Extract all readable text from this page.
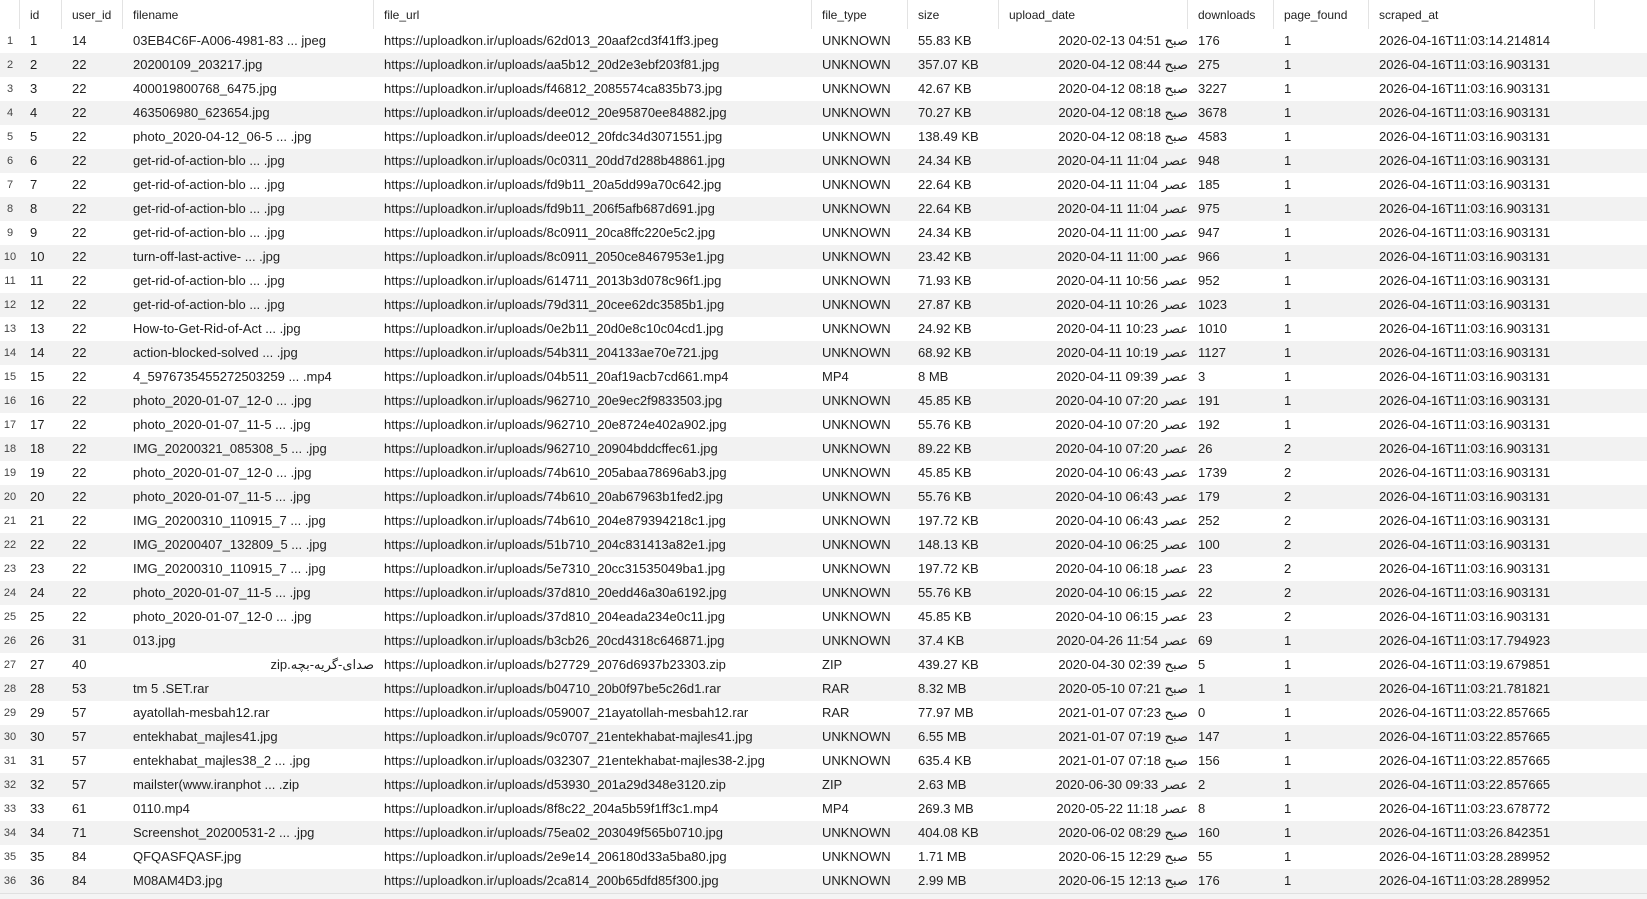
id	user_id	filename	file_url	file_type	size	upload_date	downloads	page_found	scraped_at
1	1	14	03EB4C6F-A006-4981-83 ... jpeg	https://uploadkon.ir/uploads/62d013_20aaf2cd3f41ff3.jpeg	UNKNOWN	55.83 KB	صبح 04:51 13-02-2020 176	1	2026-04-16T11:03:14.214814
2	2	22	20200109_203217.jpg	https://uploadkon.ir/uploads/aa5b12_20d2e3ebf203f81.jpg	UNKNOWN	357.07 KB	صبح 08:44 12-04-2020 275	1	2026-04-16T11:03:16.903131
3	3	22	400019800768_6475.jpg	https://uploadkon.ir/uploads/f46812_2085574ca835b73.jpg	UNKNOWN	42.67 KB	صبح 08:18 12-04-2020 3227	1	2026-04-16T11:03:16.903131
4	4	22	463506980_623654.jpg	https://uploadkon.ir/uploads/dee012_20e95870ee84882.jpg	UNKNOWN	70.27 KB	صبح 08:18 12-04-2020 3678	1	2026-04-16T11:03:16.903131
5	5	22	photo_2020-04-12_06-5 ... .jpg	https://uploadkon.ir/uploads/dee012_20fdc34d3071551.jpg	UNKNOWN	138.49 KB	صبح 08:18 12-04-2020 4583	1	2026-04-16T11:03:16.903131
6	6	22	get-rid-of-action-blo ... .jpg	https://uploadkon.ir/uploads/0c0311_20dd7d288b48861.jpg	UNKNOWN	24.34 KB	عصر 11:04 11-04-2020 948	1	2026-04-16T11:03:16.903131
7	7	22	get-rid-of-action-blo ... .jpg	https://uploadkon.ir/uploads/fd9b11_20a5dd99a70c642.jpg	UNKNOWN	22.64 KB	عصر 11:04 11-04-2020 185	1	2026-04-16T11:03:16.903131
8	8	22	get-rid-of-action-blo ... .jpg	https://uploadkon.ir/uploads/fd9b11_206f5afb687d691.jpg	UNKNOWN	22.64 KB	عصر 11:04 11-04-2020 975	1	2026-04-16T11:03:16.903131
9	9	22	get-rid-of-action-blo ... .jpg	https://uploadkon.ir/uploads/8c0911_20ca8ffc220e5c2.jpg	UNKNOWN	24.34 KB	عصر 11:00 11-04-2020 947	1	2026-04-16T11:03:16.903131
10	10	22	turn-off-last-active- ... .jpg	https://uploadkon.ir/uploads/8c0911_2050ce8467953e1.jpg	UNKNOWN	23.42 KB	عصر 11:00 11-04-2020 966	1	2026-04-16T11:03:16.903131
11	11	22	get-rid-of-action-blo ... .jpg	https://uploadkon.ir/uploads/614711_2013b3d078c96f1.jpg	UNKNOWN	71.93 KB	عصر 10:56 11-04-2020 952	1	2026-04-16T11:03:16.903131
12	12	22	get-rid-of-action-blo ... .jpg	https://uploadkon.ir/uploads/79d311_20cee62dc3585b1.jpg	UNKNOWN	27.87 KB	عصر 10:26 11-04-2020 1023	1	2026-04-16T11:03:16.903131
13	13	22	How-to-Get-Rid-of-Act ... .jpg	https://uploadkon.ir/uploads/0e2b11_20d0e8c10c04cd1.jpg	UNKNOWN	24.92 KB	عصر 10:23 11-04-2020 1010	1	2026-04-16T11:03:16.903131
14	14	22	action-blocked-solved ... .jpg	https://uploadkon.ir/uploads/54b311_204133ae70e721.jpg	UNKNOWN	68.92 KB	عصر 10:19 11-04-2020 1127	1	2026-04-16T11:03:16.903131
15	15	22	4_5976735455272503259 ... .mp4	https://uploadkon.ir/uploads/04b511_20af19acb7cd661.mp4	MP4	8 MB	عصر 09:39 11-04-2020 3	1	2026-04-16T11:03:16.903131
16	16	22	photo_2020-01-07_12-0 ... .jpg	https://uploadkon.ir/uploads/962710_20e9ec2f9833503.jpg	UNKNOWN	45.85 KB	عصر 07:20 10-04-2020 191	1	2026-04-16T11:03:16.903131
17	17	22	photo_2020-01-07_11-5 ... .jpg	https://uploadkon.ir/uploads/962710_20e8724e402a902.jpg	UNKNOWN	55.76 KB	عصر 07:20 10-04-2020 192	1	2026-04-16T11:03:16.903131
18	18	22	IMG_20200321_085308_5 ... .jpg	https://uploadkon.ir/uploads/962710_20904bddcffec61.jpg	UNKNOWN	89.22 KB	عصر 07:20 10-04-2020 26	2	2026-04-16T11:03:16.903131
19	19	22	photo_2020-01-07_12-0 ... .jpg	https://uploadkon.ir/uploads/74b610_205abaa78696ab3.jpg	UNKNOWN	45.85 KB	عصر 06:43 10-04-2020 1739	2	2026-04-16T11:03:16.903131
20	20	22	photo_2020-01-07_11-5 ... .jpg	https://uploadkon.ir/uploads/74b610_20ab67963b1fed2.jpg	UNKNOWN	55.76 KB	عصر 06:43 10-04-2020 179	2	2026-04-16T11:03:16.903131
21	21	22	IMG_20200310_110915_7 ... .jpg	https://uploadkon.ir/uploads/74b610_204e879394218c1.jpg	UNKNOWN	197.72 KB	عصر 06:43 10-04-2020 252	2	2026-04-16T11:03:16.903131
22	22	22	IMG_20200407_132809_5 ... .jpg	https://uploadkon.ir/uploads/51b710_204c831413a82e1.jpg	UNKNOWN	148.13 KB	عصر 06:25 10-04-2020 100	2	2026-04-16T11:03:16.903131
23	23	22	IMG_20200310_110915_7 ... .jpg	https://uploadkon.ir/uploads/5e7310_20cc31535049ba1.jpg	UNKNOWN	197.72 KB	عصر 06:18 10-04-2020 23	2	2026-04-16T11:03:16.903131
24	24	22	photo_2020-01-07_11-5 ... .jpg	https://uploadkon.ir/uploads/37d810_20edd46a30a6192.jpg	UNKNOWN	55.76 KB	عصر 06:15 10-04-2020 22	2	2026-04-16T11:03:16.903131
25	25	22	photo_2020-01-07_12-0 ... .jpg	https://uploadkon.ir/uploads/37d810_204eada234e0c11.jpg	UNKNOWN	45.85 KB	عصر 06:15 10-04-2020 23	2	2026-04-16T11:03:16.903131
26	26	31	013.jpg	https://uploadkon.ir/uploads/b3cb26_20cd4318c646871.jpg	UNKNOWN	37.4 KB	عصر 11:54 26-04-2020 69	1	2026-04-16T11:03:17.794923
27	27	40	صدای-گریه-بچه.zip https://uploadkon.ir/uploads/b27729_2076d6937b23303.zip	ZIP	439.27 KB	صبح 02:39 30-04-2020 5	1	2026-04-16T11:03:19.679851
28	28	53	tm 5 .SET.rar	https://uploadkon.ir/uploads/b04710_20b0f97be5c26d1.rar	RAR	8.32 MB	صبح 07:21 10-05-2020 1	1	2026-04-16T11:03:21.781821
29	29	57	ayatollah-mesbah12.rar	https://uploadkon.ir/uploads/059007_21ayatollah-mesbah12.rar	RAR	77.97 MB	صبح 07:23 07-01-2021 0	1	2026-04-16T11:03:22.857665
30	30	57	entekhabat_majles41.jpg	https://uploadkon.ir/uploads/9c0707_21entekhabat-majles41.jpg	UNKNOWN	6.55 MB	صبح 07:19 07-01-2021 147	1	2026-04-16T11:03:22.857665
31	31	57	entekhabat_majles38_2 ... .jpg	https://uploadkon.ir/uploads/032307_21entekhabat-majles38-2.jpg	UNKNOWN	635.4 KB	صبح 07:18 07-01-2021 156	1	2026-04-16T11:03:22.857665
32	32	57	mailster(www.iranphot ... .zip	https://uploadkon.ir/uploads/d53930_201a29d348e3120.zip	ZIP	2.63 MB	عصر 09:33 30-06-2020 2	1	2026-04-16T11:03:22.857665
33	33	61	0110.mp4	https://uploadkon.ir/uploads/8f8c22_204a5b59f1ff3c1.mp4	MP4	269.3 MB	عصر 11:18 22-05-2020 8	1	2026-04-16T11:03:23.678772
34	34	71	Screenshot_20200531-2 ... .jpg	https://uploadkon.ir/uploads/75ea02_203049f565b0710.jpg	UNKNOWN	404.08 KB	صبح 08:29 02-06-2020 160	1	2026-04-16T11:03:26.842351
35	35	84	QFQASFQASF.jpg	https://uploadkon.ir/uploads/2e9e14_206180d33a5ba80.jpg	UNKNOWN	1.71 MB	صبح 12:29 15-06-2020 55	1	2026-04-16T11:03:28.289952
36	36	84	M08AM4D3.jpg	https://uploadkon.ir/uploads/2ca814_200b65dfd85f300.jpg	UNKNOWN	2.99 MB	صبح 12:13 15-06-2020 176	1	2026-04-16T11:03:28.289952
